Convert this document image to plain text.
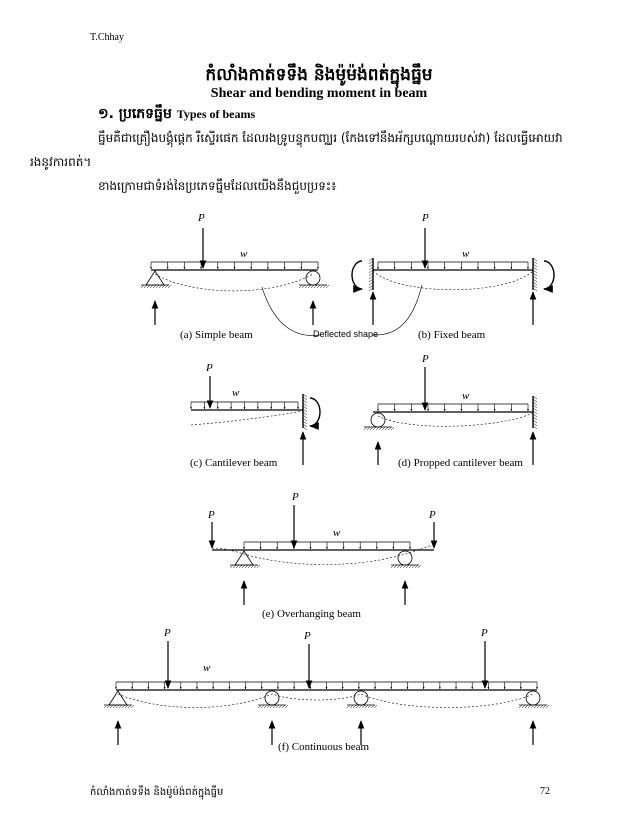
T.Chhay
កំលាំងកាត់ទទឹង និងម៉ូម៉ង់ពត់ក្នុងធ្នឹម
Shear and bending moment in beam
១. ប្រភេទធ្នឹម Types of beams
ធ្នឹមគឺជាគ្រឿងបង្គុំផ្តេក រឺស្ទើរផេក ដែលរងទ្រូបន្ទុកបញ្ឈរ (កែងទៅនឹងអ័ក្សបណ្តោយរបស់វា) ដែលធ្វើអោយវា
រងនូវការពត់។
ខាងក្រោមជាទំរង់នៃប្រភេទធ្នឹមដែលយើងនឹងជួបប្រទះ៖
P	P
P
P
P
P
P
P	P	P
w	w
w	w
w
w
(a) Simple beam	Deflected shape	(b) Fixed beam
(c) Cantilever beam	(d) Propped cantilever beam
(e) Overhanging beam
(f) Continuous beam
កំលាំងកាត់ទទឹង និងម៉ូម៉ង់ពត់ក្នុងធ្នឹម	72
